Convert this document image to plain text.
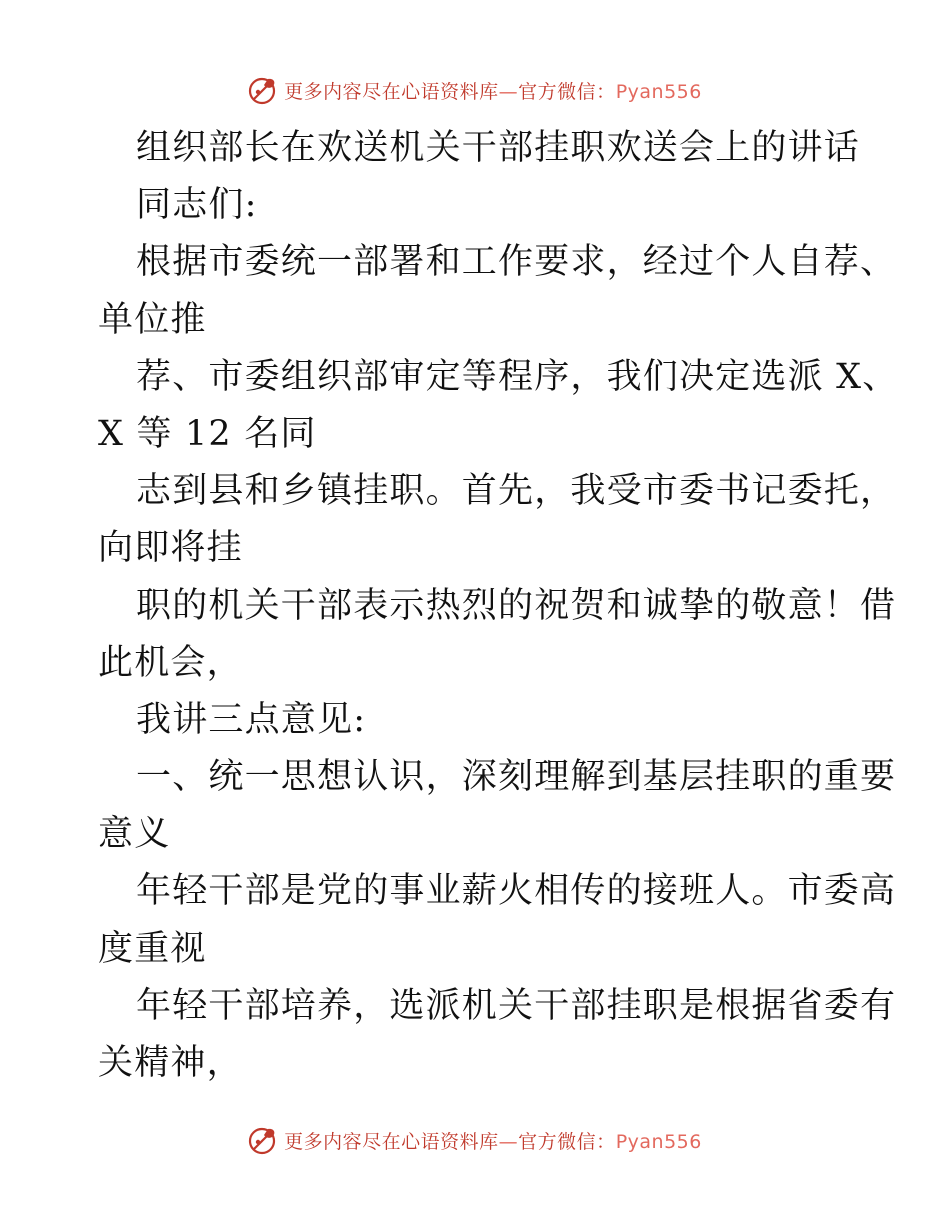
更多内容尽在心语资料库—官方微信：Pyan556
组织部长在欢送机关干部挂职欢送会上的讲话
同志们:
根据市委统一部署和工作要求，经过个人自荐、
单位推
荐、市委组织部审定等程序，我们决定选派 X、
X 等 12 名同
志到县和乡镇挂职。首先，我受市委书记委托，
向即将挂
职的机关干部表示热烈的祝贺和诚挚的敬意！借
此机会，
我讲三点意见:
一、统一思想认识，深刻理解到基层挂职的重要
意义
年轻干部是党的事业薪火相传的接班人。市委高
度重视
年轻干部培养，选派机关干部挂职是根据省委有
关精神，
更多内容尽在心语资料库—官方微信：Pyan556
